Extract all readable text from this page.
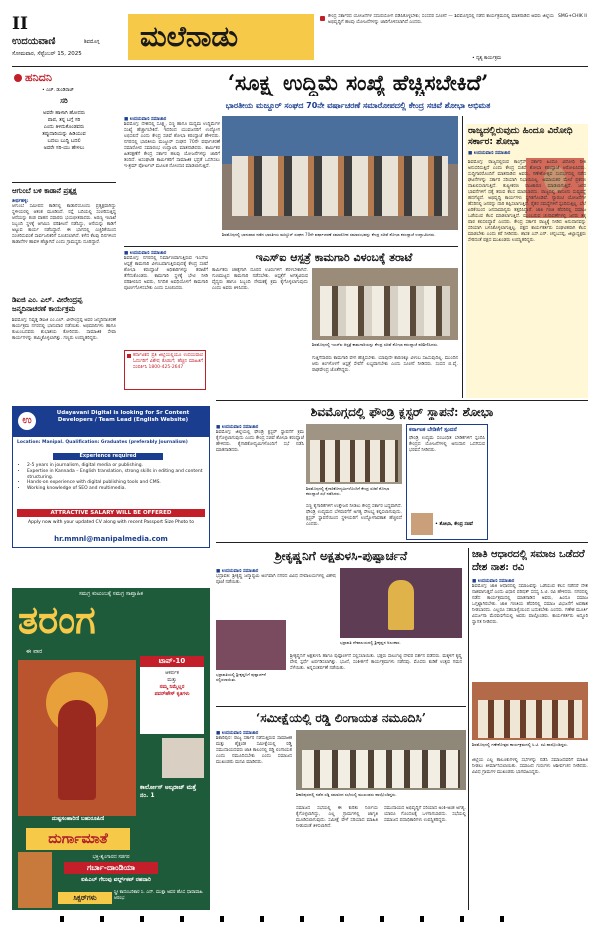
II
ಉದಯವಾಣಿ	ಶಿವಮೊಗ್ಗ
ಸೋಮವಾರ, ಸೆಪ್ಟೆಂಬರ್ 15, 2025
ಮಲೆನಾಡು
ಕೇಂದ್ರ ಸರ್ಕಾರದ ಯೋಜನೆಗಳ ಸದುಪಯೋಗ ಪಡಿಸಿಕೊಳ್ಳಬೇಕು; ಸಂಸದರ ಸೂಚನೆ — ಶಿವಮೊಗ್ಗದಲ್ಲಿ ನಡೆದ ಕಾರ್ಯಕ್ರಮದಲ್ಲಿ ಮಾತನಾಡಿದ ಅವರು ಜಿಲ್ಲೆಯ ಅಭಿವೃದ್ಧಿಗೆ ಹಲವು ಯೋಜನೆಗಳನ್ನು ಜಾರಿಗೊಳಿಸಲಾಗಿದೆ ಎಂದರು.
• ದೃಶ್ಯ ಕಾರ್ಯಕ್ರಮ
SMG+CHIK II
ಹನಿದನಿ
• ಎಚ್. ಡುಂಡಿರಾಜ್
ಸರಿ
ಅವರೇ ಹಾಳಾಗಿ ಹೋದರು
ಪಾಪ, ತನ್ನ ಬಗ್ಗೆ ಸರಿ
ಎಂದು ತಿಳಿದುಕೊಂಡವರು
ತಪ್ಪುದಾರಿಯನ್ನು ಹಿಡಿಯುವ
ಬದಲು ಬುದ್ಧಿ ಬದಲಿ
ಅವರೇ ಸರಿ-ಯು ಹೇಳಲು
ಆಗುಂಬೆ ಬಳಿ ಕಾಡಾನೆ ಪ್ರತ್ಯಕ್ಷ
ತೀರ್ಥಹಳ್ಳಿ:
ಆಗುಂಬೆ ಸಮೀಪದ ಕಾಡಿನಲ್ಲಿ ಕಾಡಾನೆಯೊಂದು ಪ್ರತ್ಯಕ್ಷವಾಗಿದ್ದು ಸ್ಥಳೀಯರಲ್ಲಿ ಆತಂಕ ಮೂಡಿಸಿದೆ. ರಸ್ತೆ ಬದಿಯಲ್ಲಿ ಸಂಚರಿಸುತ್ತಿದ್ದ ಆನೆಯನ್ನು ಕಂಡ ವಾಹನ ಸವಾರರು ಭಯಭೀತರಾದರು. ಅರಣ್ಯ ಇಲಾಖೆ ಸಿಬ್ಬಂದಿ ಸ್ಥಳಕ್ಕೆ ಆಗಮಿಸಿ ಪರಿಶೀಲನೆ ನಡೆಸಿದ್ದು, ಆನೆಯನ್ನು ಕಾಡಿಗೆ ಅಟ್ಟುವ ಕಾರ್ಯ ನಡೆಸಿದ್ದಾರೆ. ಈ ಭಾಗದಲ್ಲಿ ಎಚ್ಚರಿಕೆಯಿಂದ ಸಂಚರಿಸುವಂತೆ ಸಾರ್ವಜನಿಕರಿಗೆ ಸೂಚಿಸಲಾಗಿದೆ. ಕಳೆದ ಕೆಲವು ದಿನಗಳಿಂದ ಕಾಡಾನೆಗಳ ಹಾವಳಿ ಹೆಚ್ಚಾಗಿದೆ ಎಂದು ಗ್ರಾಮಸ್ಥರು ದೂರಿದ್ದಾರೆ.
ಡಿಐಜಿ ಎಂ. ಎಲ್. ವೀರೇಂದ್ರಪ್ಪ ಜನ್ಮದಿನಾಚರಣೆ ಕಾರ್ಯಕ್ರಮ
ಶಿವಮೊಗ್ಗ: ನಿವೃತ್ತ ಡಿಐಜಿ ಎಂ.ಎಲ್. ವೀರೇಂದ್ರಪ್ಪ ಅವರ ಜನ್ಮದಿನಾಚರಣೆ ಕಾರ್ಯಕ್ರಮ ನಗರದಲ್ಲಿ ಭಾನುವಾರ ನಡೆಯಿತು. ಅಭಿಮಾನಿಗಳು ಹಾಗೂ ಕುಟುಂಬದವರು ಶುಭಾಶಯ ಕೋರಿದರು. ಸಾಮಾಜಿಕ ಸೇವಾ ಕಾರ್ಯಗಳನ್ನು ಹಮ್ಮಿಕೊಳ್ಳಲಾಗಿತ್ತು. ಗಣ್ಯರು ಉಪಸ್ಥಿತರಿದ್ದರು.
ಕರ್ನಾಟಕದ ಪ್ರತಿ ಜಿಲ್ಲೆಯಲ್ಲಿಯೂ ಉದಯವಾಣಿ ಓದುಗರಿಗೆ ವಿಶೇಷ ಕೊಡುಗೆ; ಹೆಚ್ಚಿನ ಮಾಹಿತಿಗೆ ಸಂಪರ್ಕಿಸಿ 1800-425-2647
ಉ
Udayavani Digital is looking for Sr Content Developers / Team Lead (English Website)
Location: Manipal. Qualification: Graduates (preferably Journalism)
Experience required
• 2-5 years in journalism, digital media or publishing.
• Expertise in Kannada – English translation, strong skills in editing and content structuring.
• Hands-on experience with digital publishing tools and CMS.
• Working knowledge of SEO and multimedia.
ATTRACTIVE SALARY WILL BE OFFERED
Apply now with your updated CV along with recent Passport Size Photo to
hr.mmnl@manipalmedia.com
ಸಮಗ್ರ ಕುಟುಂಬಕ್ಕೆ ಸಮಗ್ರ ಸಾಪ್ತಾಹಿಕ
ತರಂಗ
ಈ ವಾರ
ಟಾಪ್-10
ಆಕರ್ಷಕ
ಮತ್ತು
ನಮ್ಮ ನಿಮ್ಮೆಲ್ಲರ
ಪವರ್‌ಹೌಸ್ ಕೃತಿಗಳು
ಕಾರ್ಲೋಸ್ ಅಲ್ಕರಾಜ್ ಮತ್ತೆ ನಂ. 1
ದುಷ್ಟಸಂಹಾರಿಣಿ ಬಹುರೂಪಿಣಿ
ದುರ್ಗಾಮಾತೆ
ಭಕ್ತಿ-ಶೃಂಗಾರದ ಸಡಗರ
ಗರ್ಬಾ-ದಾಂಡಿಯಾ
ಐಪಿಎಲ್ ಗೆಲುವು ವರ್ಲ್ಡ್‌ಕಪ್ ರಹದಾರಿ
ಸಿಕ್ಸರ್‌ಗಳು
ಸ್ತ್ರೀ ಕಾದಂಬರಿಕಾರ ಸಿ. ಎನ್. ಮುಕ್ತಾ ಅವರ ಹೊಸ ಧಾರಾವಾಹಿ ಆರಂಭ
‘ಸೂಕ್ಷ್ಮ ಉದ್ದಿಮೆ ಸಂಖ್ಯೆ ಹೆಚ್ಚಿಸಬೇಕಿದೆ’
ಭಾರತೀಯ ಮಜ್ದೂರ್ ಸಂಘದ 70ನೇ ವರ್ಷಾಚರಣೆ ಸಮಾರೋಪದಲ್ಲಿ ಕೇಂದ್ರ ಸಚಿವೆ ಶೋಭಾ ಅಭಿಮತ
■ ಉದಯವಾಣಿ ಸಮಾಚಾರ
ಶಿವಮೊಗ್ಗ: ದೇಶದಲ್ಲಿ ಸೂಕ್ಷ್ಮ, ಸಣ್ಣ ಹಾಗೂ ಮಧ್ಯಮ ಉದ್ದಿಮೆಗಳ ಸಂಖ್ಯೆ ಹೆಚ್ಚಾಗಬೇಕಿದೆ. ಇದರಿಂದ ಯುವಜನರಿಗೆ ಉದ್ಯೋಗ ಲಭಿಸಲಿದೆ ಎಂದು ಕೇಂದ್ರ ಸಚಿವೆ ಶೋಭಾ ಕರಂದ್ಲಾಜೆ ಹೇಳಿದರು. ನಗರದಲ್ಲಿ ಭಾರತೀಯ ಮಜ್ದೂರ್ ಸಂಘದ 70ನೇ ವರ್ಷಾಚರಣೆ ಸಮಾರೋಪ ಸಮಾರಂಭ ಉದ್ಘಾಟಿಸಿ ಮಾತನಾಡಿದರು. ಕಾರ್ಮಿಕರ ಹಿತರಕ್ಷಣೆಗೆ ಕೇಂದ್ರ ಸರ್ಕಾರ ಹಲವು ಯೋಜನೆಗಳನ್ನು ಜಾರಿಗೆ ತಂದಿದೆ. ಅಸಂಘಟಿತ ಕಾರ್ಮಿಕರಿಗೆ ಸಾಮಾಜಿಕ ಭದ್ರತೆ ಒದಗಿಸಲು ಇ-ಶ್ರಮ್ ಪೋರ್ಟಲ್ ಮೂಲಕ ನೋಂದಣಿ ಮಾಡಲಾಗುತ್ತಿದೆ.
ಶಿವಮೊಗ್ಗದಲ್ಲಿ ಭಾನುವಾರ ನಡೆದ ಭಾರತೀಯ ಮಜ್ದೂರ್ ಸಂಘದ 70ನೇ ವರ್ಷಾಚರಣೆ ಸಮಾರೋಪ ಸಮಾರಂಭವನ್ನು ಕೇಂದ್ರ ಸಚಿವೆ ಶೋಭಾ ಕರಂದ್ಲಾಜೆ ಉದ್ಘಾಟಿಸಿದರು.
ಇಎಸ್‌ಐ ಆಸ್ಪತ್ರೆ ಕಾಮಗಾರಿ ವಿಳಂಬಕ್ಕೆ ತರಾಟೆ
■ ಉದಯವಾಣಿ ಸಮಾಚಾರ
ಶಿವಮೊಗ್ಗ: ನಗರದಲ್ಲಿ ನಿರ್ಮಾಣವಾಗುತ್ತಿರುವ ಇಎಸ್‌ಐ ಆಸ್ಪತ್ರೆ ಕಾಮಗಾರಿ ವಿಳಂಬವಾಗುತ್ತಿರುವುದಕ್ಕೆ ಕೇಂದ್ರ ಸಚಿವೆ ಶೋಭಾ ಕರಂದ್ಲಾಜೆ ಅಧಿಕಾರಿಗಳನ್ನು ತರಾಟೆಗೆ ತೆಗೆದುಕೊಂಡರು. ಕಾಮಗಾರಿ ಸ್ಥಳಕ್ಕೆ ಭೇಟಿ ನೀಡಿ ಪರಿಶೀಲಿಸಿದ ಅವರು, ನಿಗದಿತ ಅವಧಿಯೊಳಗೆ ಕಾಮಗಾರಿ ಪೂರ್ಣಗೊಳಿಸಬೇಕು ಎಂದು ಸೂಚಿಸಿದರು.
ಕಾರ್ಮಿಕರು ಚಿಕಿತ್ಸೆಗಾಗಿ ದೂರದ ಊರುಗಳಿಗೆ ತೆರಳಬೇಕಾಗಿದೆ. ಗುಣಮಟ್ಟದ ಕಾಮಗಾರಿ ನಡೆಸಬೇಕು. ಆಸ್ಪತ್ರೆಗೆ ಅಗತ್ಯವಿರುವ ವೈದ್ಯರು ಹಾಗೂ ಸಿಬ್ಬಂದಿ ನೇಮಕಕ್ಕೆ ಕ್ರಮ ಕೈಗೊಳ್ಳಲಾಗುವುದು ಎಂದು ಅವರು ತಿಳಿಸಿದರು.
ಶಿವಮೊಗ್ಗದಲ್ಲಿ ಇಎಸ್‌ಐ ಆಸ್ಪತ್ರೆ ಕಾಮಗಾರಿಯನ್ನು ಕೇಂದ್ರ ಸಚಿವೆ ಶೋಭಾ ಕರಂದ್ಲಾಜೆ ಪರಿಶೀಲಿಸಿದರು.
ಗುತ್ತಿಗೆದಾರರು ಕಾಮಗಾರಿ ವೇಗ ಹೆಚ್ಚಿಸಬೇಕು. ಯಾವುದೇ ಕಾರಣಕ್ಕೂ ವಿಳಂಬ ಸಹಿಸುವುದಿಲ್ಲ. ಮುಂದಿನ ಆರು ತಿಂಗಳೊಳಗೆ ಆಸ್ಪತ್ರೆ ಸೇವೆಗೆ ಲಭ್ಯವಾಗಬೇಕು ಎಂದು ಸೂಚನೆ ನೀಡಿದರು. ಸಂಸದ ಬಿ.ವೈ. ರಾಘವೇಂದ್ರ ಜೊತೆಗಿದ್ದರು.
ರಾಜ್ಯದಲ್ಲಿರುವುದು ಹಿಂದೂ ವಿರೋಧಿ ಸರ್ಕಾರ: ಶೋಭಾ
■ ಉದಯವಾಣಿ ಸಮಾಚಾರ
ಶಿವಮೊಗ್ಗ: ರಾಜ್ಯದಲ್ಲಿರುವ ಕಾಂಗ್ರೆಸ್ ಸರ್ಕಾರ ಹಿಂದೂ ವಿರೋಧಿ ನೀತಿ ಅನುಸರಿಸುತ್ತಿದೆ ಎಂದು ಕೇಂದ್ರ ಸಚಿವೆ ಶೋಭಾ ಕರಂದ್ಲಾಜೆ ಆರೋಪಿಸಿದರು. ಸುದ್ದಿಗಾರರೊಂದಿಗೆ ಮಾತನಾಡಿದ ಅವರು, ಗಣೇಶೋತ್ಸವ ಸಂದರ್ಭದಲ್ಲಿ ನಡೆದ ಘಟನೆಗಳನ್ನು ಸರ್ಕಾರ ಸರಿಯಾಗಿ ನಿಭಾಯಿಸಿಲ್ಲ. ಅಮಾಯಕರ ಮೇಲೆ ಪ್ರಕರಣ ದಾಖಲಿಸಲಾಗುತ್ತಿದೆ. ತುಷ್ಟೀಕರಣ ರಾಜಕಾರಣ ಮಾಡಲಾಗುತ್ತಿದೆ. ಜನರ ಭಾವನೆಗಳಿಗೆ ಧಕ್ಕೆ ತರುವ ಕೆಲಸ ಮಾಡಬಾರದು. ರಾಜ್ಯದಲ್ಲಿ ಕಾನೂನು ಸುವ್ಯವಸ್ಥೆ ಹದಗೆಟ್ಟಿದೆ. ಅಭಿವೃದ್ಧಿ ಕಾರ್ಯಗಳು ಸ್ಥಗಿತಗೊಂಡಿವೆ. ಗ್ಯಾರಂಟಿ ಯೋಜನೆಗಳ ಹೆಸರಿನಲ್ಲಿ ಜನರನ್ನು ದಾರಿ ತಪ್ಪಿಸಲಾಗುತ್ತಿದೆ. ರೈತರ ಸಮಸ್ಯೆಗಳಿಗೆ ಸ್ಪಂದಿಸುತ್ತಿಲ್ಲ. ಬೆಲೆ ಏರಿಕೆಯಿಂದ ಜನಸಾಮಾನ್ಯರು ತತ್ತರಿಸಿದ್ದಾರೆ. ಜಾತಿ ಗಣತಿ ಹೆಸರಿನಲ್ಲಿ ಸಮಾಜ ಒಡೆಯುವ ಕೆಲಸ ಮಾಡಲಾಗುತ್ತಿದೆ. ಮುಂಬರುವ ಚುನಾವಣೆಗಳಲ್ಲಿ ಜನರು ತಕ್ಕ ಪಾಠ ಕಲಿಸಲಿದ್ದಾರೆ ಎಂದರು. ಕೇಂದ್ರ ಸರ್ಕಾರ ರಾಜ್ಯಕ್ಕೆ ನೀಡಿದ ಅನುದಾನವನ್ನು ಸರಿಯಾಗಿ ಬಳಸಿಕೊಳ್ಳಲಾಗುತ್ತಿಲ್ಲ. ಪಕ್ಷದ ಕಾರ್ಯಕರ್ತರು ಸಂಘಟಿತರಾಗಿ ಕೆಲಸ ಮಾಡಬೇಕು ಎಂದು ಕರೆ ನೀಡಿದರು. ಶಾಸಕ ಎಸ್.ಎನ್. ಚನ್ನಬಸಪ್ಪ, ಜಿಲ್ಲಾಧ್ಯಕ್ಷರು ಸೇರಿದಂತೆ ಪಕ್ಷದ ಮುಖಂಡರು ಉಪಸ್ಥಿತರಿದ್ದರು.
ಶಿವಮೊಗ್ಗದಲ್ಲಿ ಫೌಂಡ್ರಿ ಕ್ಲಸ್ಟರ್ ಸ್ಥಾಪನೆ: ಶೋಭಾ
■ ಉದಯವಾಣಿ ಸಮಾಚಾರ
ಶಿವಮೊಗ್ಗ: ಜಿಲ್ಲೆಯಲ್ಲಿ ಫೌಂಡ್ರಿ ಕ್ಲಸ್ಟರ್ ಸ್ಥಾಪನೆಗೆ ಕ್ರಮ ಕೈಗೊಳ್ಳಲಾಗುವುದು ಎಂದು ಕೇಂದ್ರ ಸಚಿವೆ ಶೋಭಾ ಕರಂದ್ಲಾಜೆ ಹೇಳಿದರು. ಕೈಗಾರಿಕೋದ್ಯಮಿಗಳೊಂದಿಗೆ ಸಭೆ ನಡೆಸಿ ಮಾತನಾಡಿದರು.
ಶಿವಮೊಗ್ಗದಲ್ಲಿ ಕೈಗಾರಿಕೋದ್ಯಮಿಗಳೊಂದಿಗೆ ಕೇಂದ್ರ ಸಚಿವೆ ಶೋಭಾ ಕರಂದ್ಲಾಜೆ ಸಭೆ ನಡೆಸಿದರು.
ಸಣ್ಣ ಕೈಗಾರಿಕೆಗಳಿಗೆ ಉತ್ತೇಜನ ನೀಡಲು ಕೇಂದ್ರ ಸರ್ಕಾರ ಬದ್ಧವಾಗಿದೆ. ಫೌಂಡ್ರಿ ಉದ್ಯಮದ ಬೆಳವಣಿಗೆಗೆ ಅಗತ್ಯ ಸೌಲಭ್ಯ ಕಲ್ಪಿಸಲಾಗುವುದು. ಕ್ಲಸ್ಟರ್ ಸ್ಥಾಪನೆಯಿಂದ ಸ್ಥಳೀಯರಿಗೆ ಉದ್ಯೋಗಾವಕಾಶ ಹೆಚ್ಚಲಿದೆ ಎಂದರು.
ಕರ್ನಾಟಕ ಬೇಡಿಕೆಗೆ ಸ್ಪಂದನೆ
ಫೌಂಡ್ರಿ ಉದ್ಯಮ ಸಂಬಂಧಿತ ಬೇಡಿಕೆಗಳಿಗೆ ಸ್ಪಂದಿಸಿ ಕೇಂದ್ರದ ಯೋಜನೆಗಳಲ್ಲಿ ಅನುದಾನ ಒದಗಿಸುವ ಭರವಸೆ ನೀಡಿದರು.
• ಶೋಭಾ, ಕೇಂದ್ರ ಸಚಿವೆ
ಶ್ರೀಕೃಷ್ಣನಿಗೆ ಅಕ್ಷತುಳಸಿ-ಪುಷ್ಪಾರ್ಚನೆ
■ ಉದಯವಾಣಿ ಸಮಾಚಾರ
ಭದ್ರಾವತಿ: ಶ್ರೀಕೃಷ್ಣ ಜನ್ಮಾಷ್ಟಮಿ ಅಂಗವಾಗಿ ನಗರದ ವಿವಿಧ ದೇವಾಲಯಗಳಲ್ಲಿ ವಿಶೇಷ ಪೂಜೆ ನಡೆಯಿತು.
ಭದ್ರಾವತಿಯಲ್ಲಿ ಶ್ರೀಕೃಷ್ಣನಿಗೆ ಪುಷ್ಪಾರ್ಚನೆ ಸಲ್ಲಿಸಲಾಯಿತು.
ಭದ್ರಾವತಿ ದೇವಾಲಯದಲ್ಲಿ ಶ್ರೀಕೃಷ್ಣನ ಅಲಂಕಾರ.
ಶ್ರೀಕೃಷ್ಣನಿಗೆ ಅಕ್ಷತುಳಸಿ ಹಾಗೂ ಪುಷ್ಪಾರ್ಚನೆ ಸಲ್ಲಿಸಲಾಯಿತು. ಭಕ್ತರು ಸಾಲುಗಟ್ಟಿ ದೇವರ ದರ್ಶನ ಪಡೆದರು. ಮಕ್ಕಳಿಗೆ ಕೃಷ್ಣ ವೇಷ ಸ್ಪರ್ಧೆ ಏರ್ಪಡಿಸಲಾಗಿತ್ತು. ಭಜನೆ, ಸಂಕೀರ್ತನೆ ಕಾರ್ಯಕ್ರಮಗಳು ನಡೆದವು. ಮೊಸರು ಕುಡಿಕೆ ಉತ್ಸವ ಗಮನ ಸೆಳೆಯಿತು. ಅನ್ನಸಂತರ್ಪಣೆ ನಡೆಯಿತು.
ಜಾತಿ ಆಧಾರದಲ್ಲಿ ಸಮಾಜ ಒಡೆದರೆ ದೇಶ ನಾಶ: ರವಿ
■ ಉದಯವಾಣಿ ಸಮಾಚಾರ
ಶಿವಮೊಗ್ಗ: ಜಾತಿ ಆಧಾರದಲ್ಲಿ ಸಮಾಜವನ್ನು ಒಡೆಯುವ ಕೆಲಸ ನಡೆದರೆ ದೇಶ ನಾಶವಾಗುತ್ತದೆ ಎಂದು ವಿಧಾನ ಪರಿಷತ್ ಸದಸ್ಯ ಸಿ.ಟಿ. ರವಿ ಹೇಳಿದರು. ನಗರದಲ್ಲಿ ನಡೆದ ಕಾರ್ಯಕ್ರಮದಲ್ಲಿ ಮಾತನಾಡಿದ ಅವರು, ಹಿಂದೂ ಸಮಾಜ ಒಗ್ಗಟ್ಟಾಗಿರಬೇಕು. ಜಾತಿ ಗಣತಿಯ ಹೆಸರಿನಲ್ಲಿ ಸಮಾಜ ವಿಭಜನೆಗೆ ಅವಕಾಶ ನೀಡಬಾರದು. ಎಲ್ಲರೂ ಸಹಬಾಳ್ವೆಯಿಂದ ಬದುಕಬೇಕು ಎಂದರು. ಗಣೇಶ ಮೂರ್ತಿ ವಿಸರ್ಜನಾ ಮೆರವಣಿಗೆಯಲ್ಲಿ ಅವರು ಪಾಲ್ಗೊಂಡರು. ಕಾರ್ಯಕರ್ತರು ಅದ್ದೂರಿ ಸ್ವಾಗತ ನೀಡಿದರು.
ಶಿವಮೊಗ್ಗದಲ್ಲಿ ಗಣೇಶೋತ್ಸವ ಕಾರ್ಯಕ್ರಮದಲ್ಲಿ ಸಿ.ಟಿ. ರವಿ ಪಾಲ್ಗೊಂಡಿದ್ದರು.
‘ಸಮೀಕ್ಷೆಯಲ್ಲಿ ರಡ್ಡಿ ಲಿಂಗಾಯತ ನಮೂದಿಸಿ’
■ ಉದಯವಾಣಿ ಸಮಾಚಾರ
ಶಿಕಾರಿಪುರ: ರಾಜ್ಯ ಸರ್ಕಾರ ನಡೆಸುತ್ತಿರುವ ಸಾಮಾಜಿಕ ಮತ್ತು ಶೈಕ್ಷಣಿಕ ಸಮೀಕ್ಷೆಯಲ್ಲಿ ರಡ್ಡಿ ಸಮುದಾಯದವರು ಜಾತಿ ಕಾಲಂನಲ್ಲಿ ರಡ್ಡಿ ಲಿಂಗಾಯತ ಎಂದು ನಮೂದಿಸಬೇಕು ಎಂದು ಸಮಾಜದ ಮುಖಂಡರು ಮನವಿ ಮಾಡಿದರು.
ಶಿಕಾರಿಪುರದಲ್ಲಿ ನಡೆದ ರಡ್ಡಿ ಸಮಾಜದ ಸಭೆಯಲ್ಲಿ ಮುಖಂಡರು ಪಾಲ್ಗೊಂಡಿದ್ದರು.
ಸಮಾಜದ ಸಭೆಯಲ್ಲಿ ಈ ಕುರಿತು ನಿರ್ಣಯ ಕೈಗೊಳ್ಳಲಾಗಿದ್ದು, ಎಲ್ಲ ಗ್ರಾಮಗಳಲ್ಲಿ ಜಾಗೃತಿ ಮೂಡಿಸಲಾಗುವುದು. ಸಮೀಕ್ಷೆ ವೇಳೆ ಸರಿಯಾದ ಮಾಹಿತಿ ನೀಡುವಂತೆ ತಿಳಿಸಲಾಗಿದೆ.
ಸಮುದಾಯದ ಅಭಿವೃದ್ಧಿಗೆ ಸರಿಯಾದ ಅಂಕಿ-ಅಂಶ ಅಗತ್ಯ. ಯಾರೂ ಗೊಂದಲಕ್ಕೆ ಒಳಗಾಗಬಾರದು. ಸಭೆಯಲ್ಲಿ ಸಮಾಜದ ಪದಾಧಿಕಾರಿಗಳು ಉಪಸ್ಥಿತರಿದ್ದರು.
ಜಿಲ್ಲೆಯ ಎಲ್ಲ ತಾಲೂಕುಗಳಲ್ಲಿ ಸಭೆಗಳನ್ನು ನಡೆಸಿ ಸಮಾಜದವರಿಗೆ ಮಾಹಿತಿ ನೀಡಲು ತೀರ್ಮಾನಿಸಲಾಯಿತು. ಸಮಾಜದ ಗುರುಗಳು ಆಶೀರ್ವಚನ ನೀಡಿದರು. ವಿವಿಧ ಗ್ರಾಮಗಳ ಮುಖಂಡರು ಭಾಗವಹಿಸಿದ್ದರು.
